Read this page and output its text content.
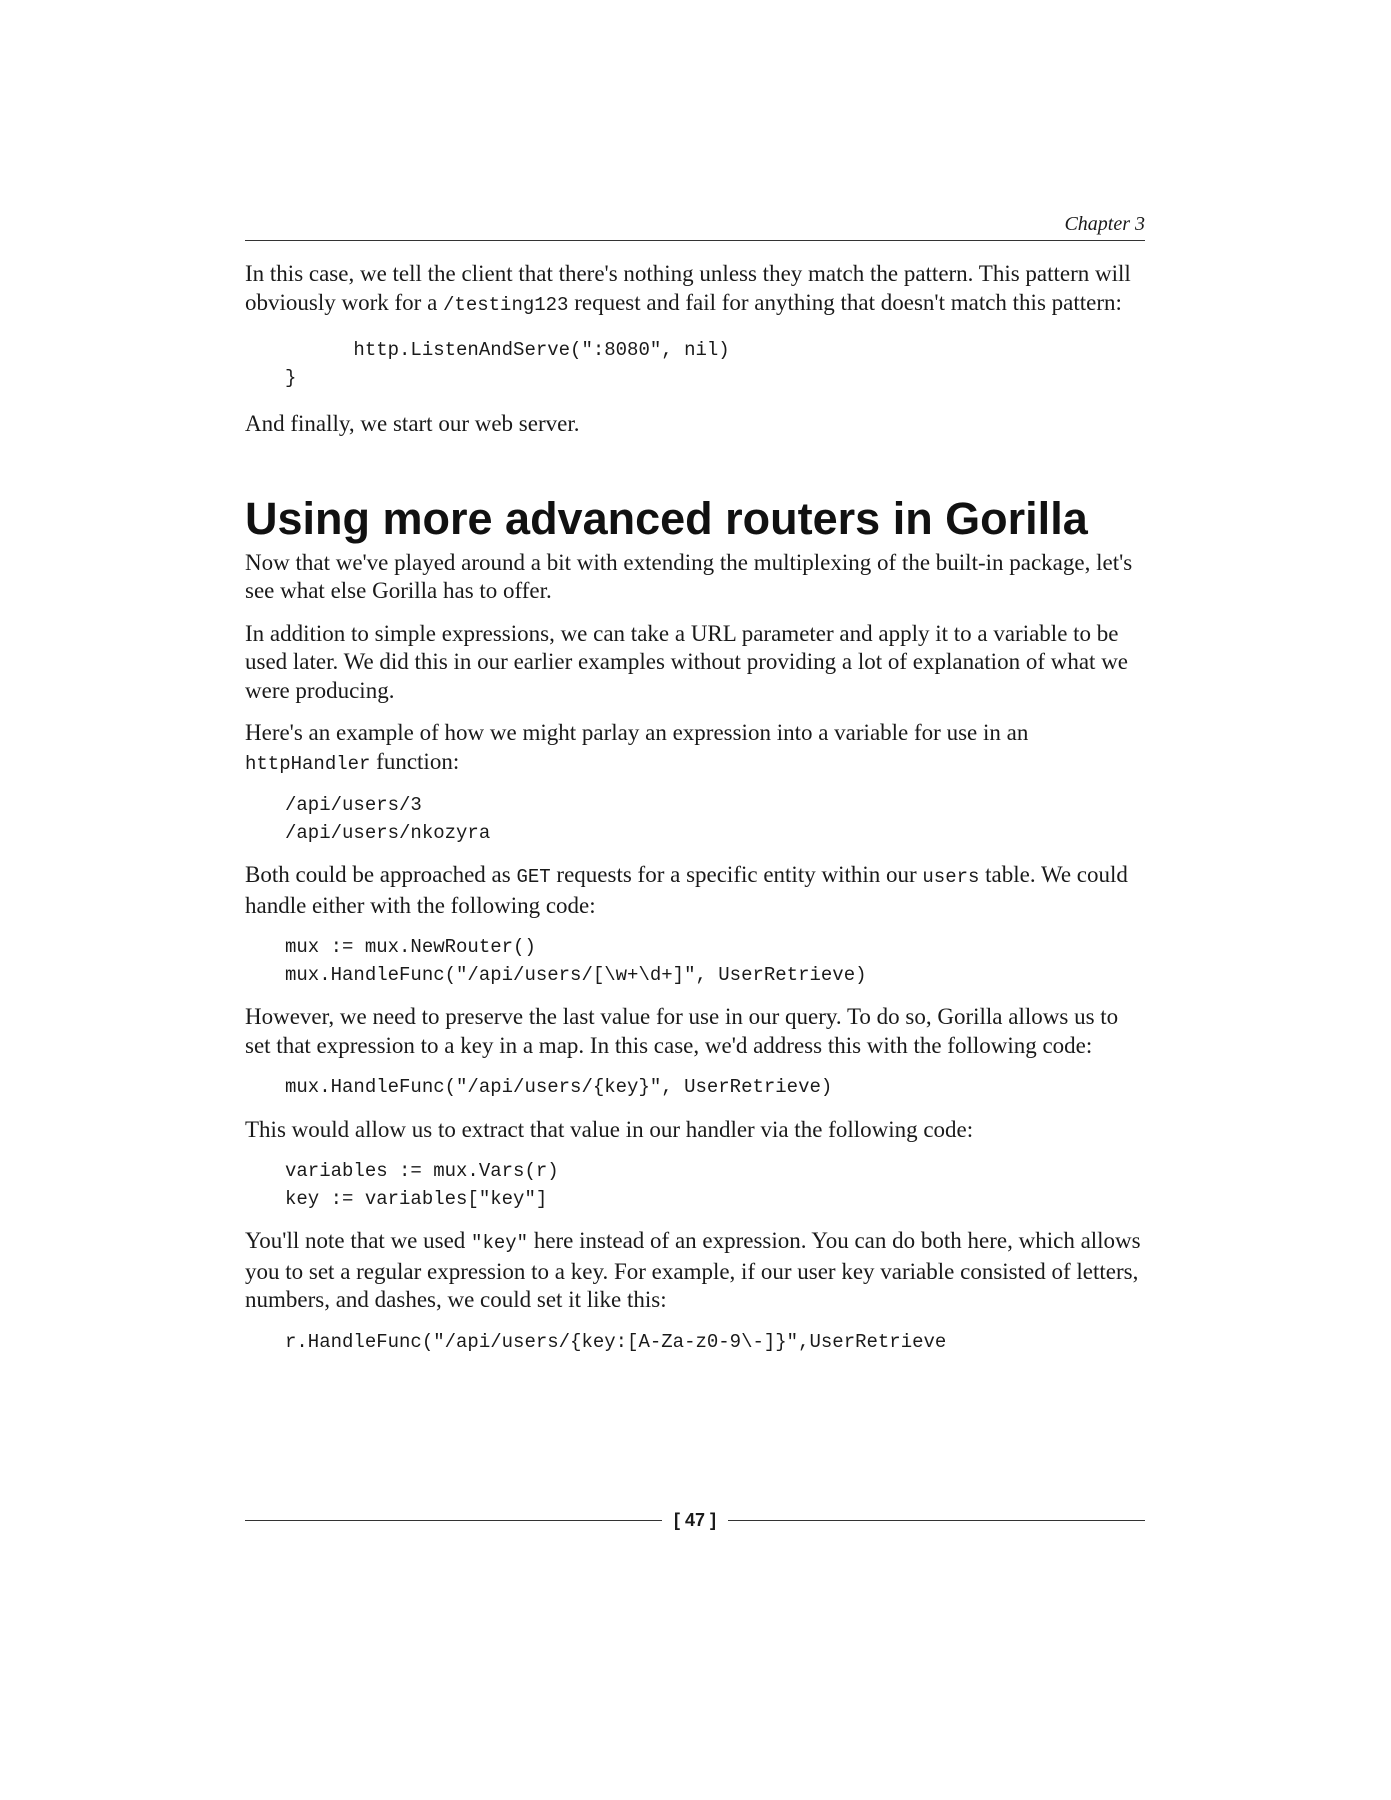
Chapter 3

In this case, we tell the client that there's nothing unless they match the pattern. This pattern will obviously work for a /testing123 request and fail for anything that doesn't match this pattern:

http.ListenAndServe(":8080", nil)
}

And finally, we start our web server.

Using more advanced routers in Gorilla

Now that we've played around a bit with extending the multiplexing of the built-in package, let's see what else Gorilla has to offer.

In addition to simple expressions, we can take a URL parameter and apply it to a variable to be used later. We did this in our earlier examples without providing a lot of explanation of what we were producing.

Here's an example of how we might parlay an expression into a variable for use in an httpHandler function:

/api/users/3
/api/users/nkozyra

Both could be approached as GET requests for a specific entity within our users table. We could handle either with the following code:

mux := mux.NewRouter()
mux.HandleFunc("/api/users/[\w+\d+]", UserRetrieve)

However, we need to preserve the last value for use in our query. To do so, Gorilla allows us to set that expression to a key in a map. In this case, we'd address this with the following code:

mux.HandleFunc("/api/users/{key}", UserRetrieve)

This would allow us to extract that value in our handler via the following code:

variables := mux.Vars(r)
key := variables["key"]

You'll note that we used "key" here instead of an expression. You can do both here, which allows you to set a regular expression to a key. For example, if our user key variable consisted of letters, numbers, and dashes, we could set it like this:

r.HandleFunc("/api/users/{key:[A-Za-z0-9\-]}",UserRetrieve
[ 47 ]
